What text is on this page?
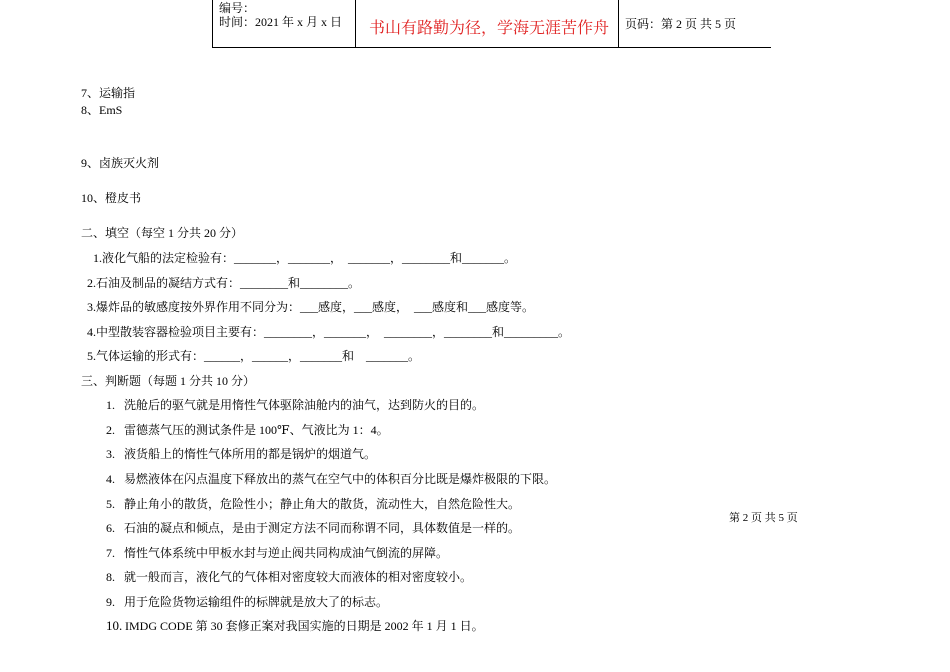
编号：
时间：2021 年 x 月 x 日 书山有路勤为径，学海无涯苦作舟 页码：第 2 页 共 5 页
7、运输指
8、EmS
9、卤族灭火剂
10、橙皮书
二、填空（每空 1 分共 20 分）
1.液化气船的法定检验有：_______，_______，　_______，________和_______。
2.石油及制品的凝结方式有：________和________。
3.爆炸品的敏感度按外界作用不同分为：___感度，___感度，　___感度和___感度等。
4.中型散装容器检验项目主要有：________，_______，　________，________和_________。
5.气体运输的形式有：______，______，_______和　_______。
三、判断题（每题 1 分共 10 分）
1. 洗舱后的驱气就是用惰性气体驱除油舱内的油气，达到防火的目的。
2. 雷德蒸气压的测试条件是 100℉、气液比为 1：4。
3. 液货船上的惰性气体所用的都是锅炉的烟道气。
4. 易燃液体在闪点温度下释放出的蒸气在空气中的体积百分比既是爆炸极限的下限。
5. 静止角小的散货，危险性小；静止角大的散货，流动性大，自然危险性大。
6. 石油的凝点和倾点，是由于测定方法不同而称谓不同，具体数值是一样的。
7. 惰性气体系统中甲板水封与逆止阀共同构成油气倒流的屏障。
8. 就一般而言，液化气的气体相对密度较大而液体的相对密度较小。
9. 用于危险货物运输组件的标牌就是放大了的标志。
10. IMDG CODE 第 30 套修正案对我国实施的日期是 2002 年 1 月 1 日。
第 2 页 共 5 页
